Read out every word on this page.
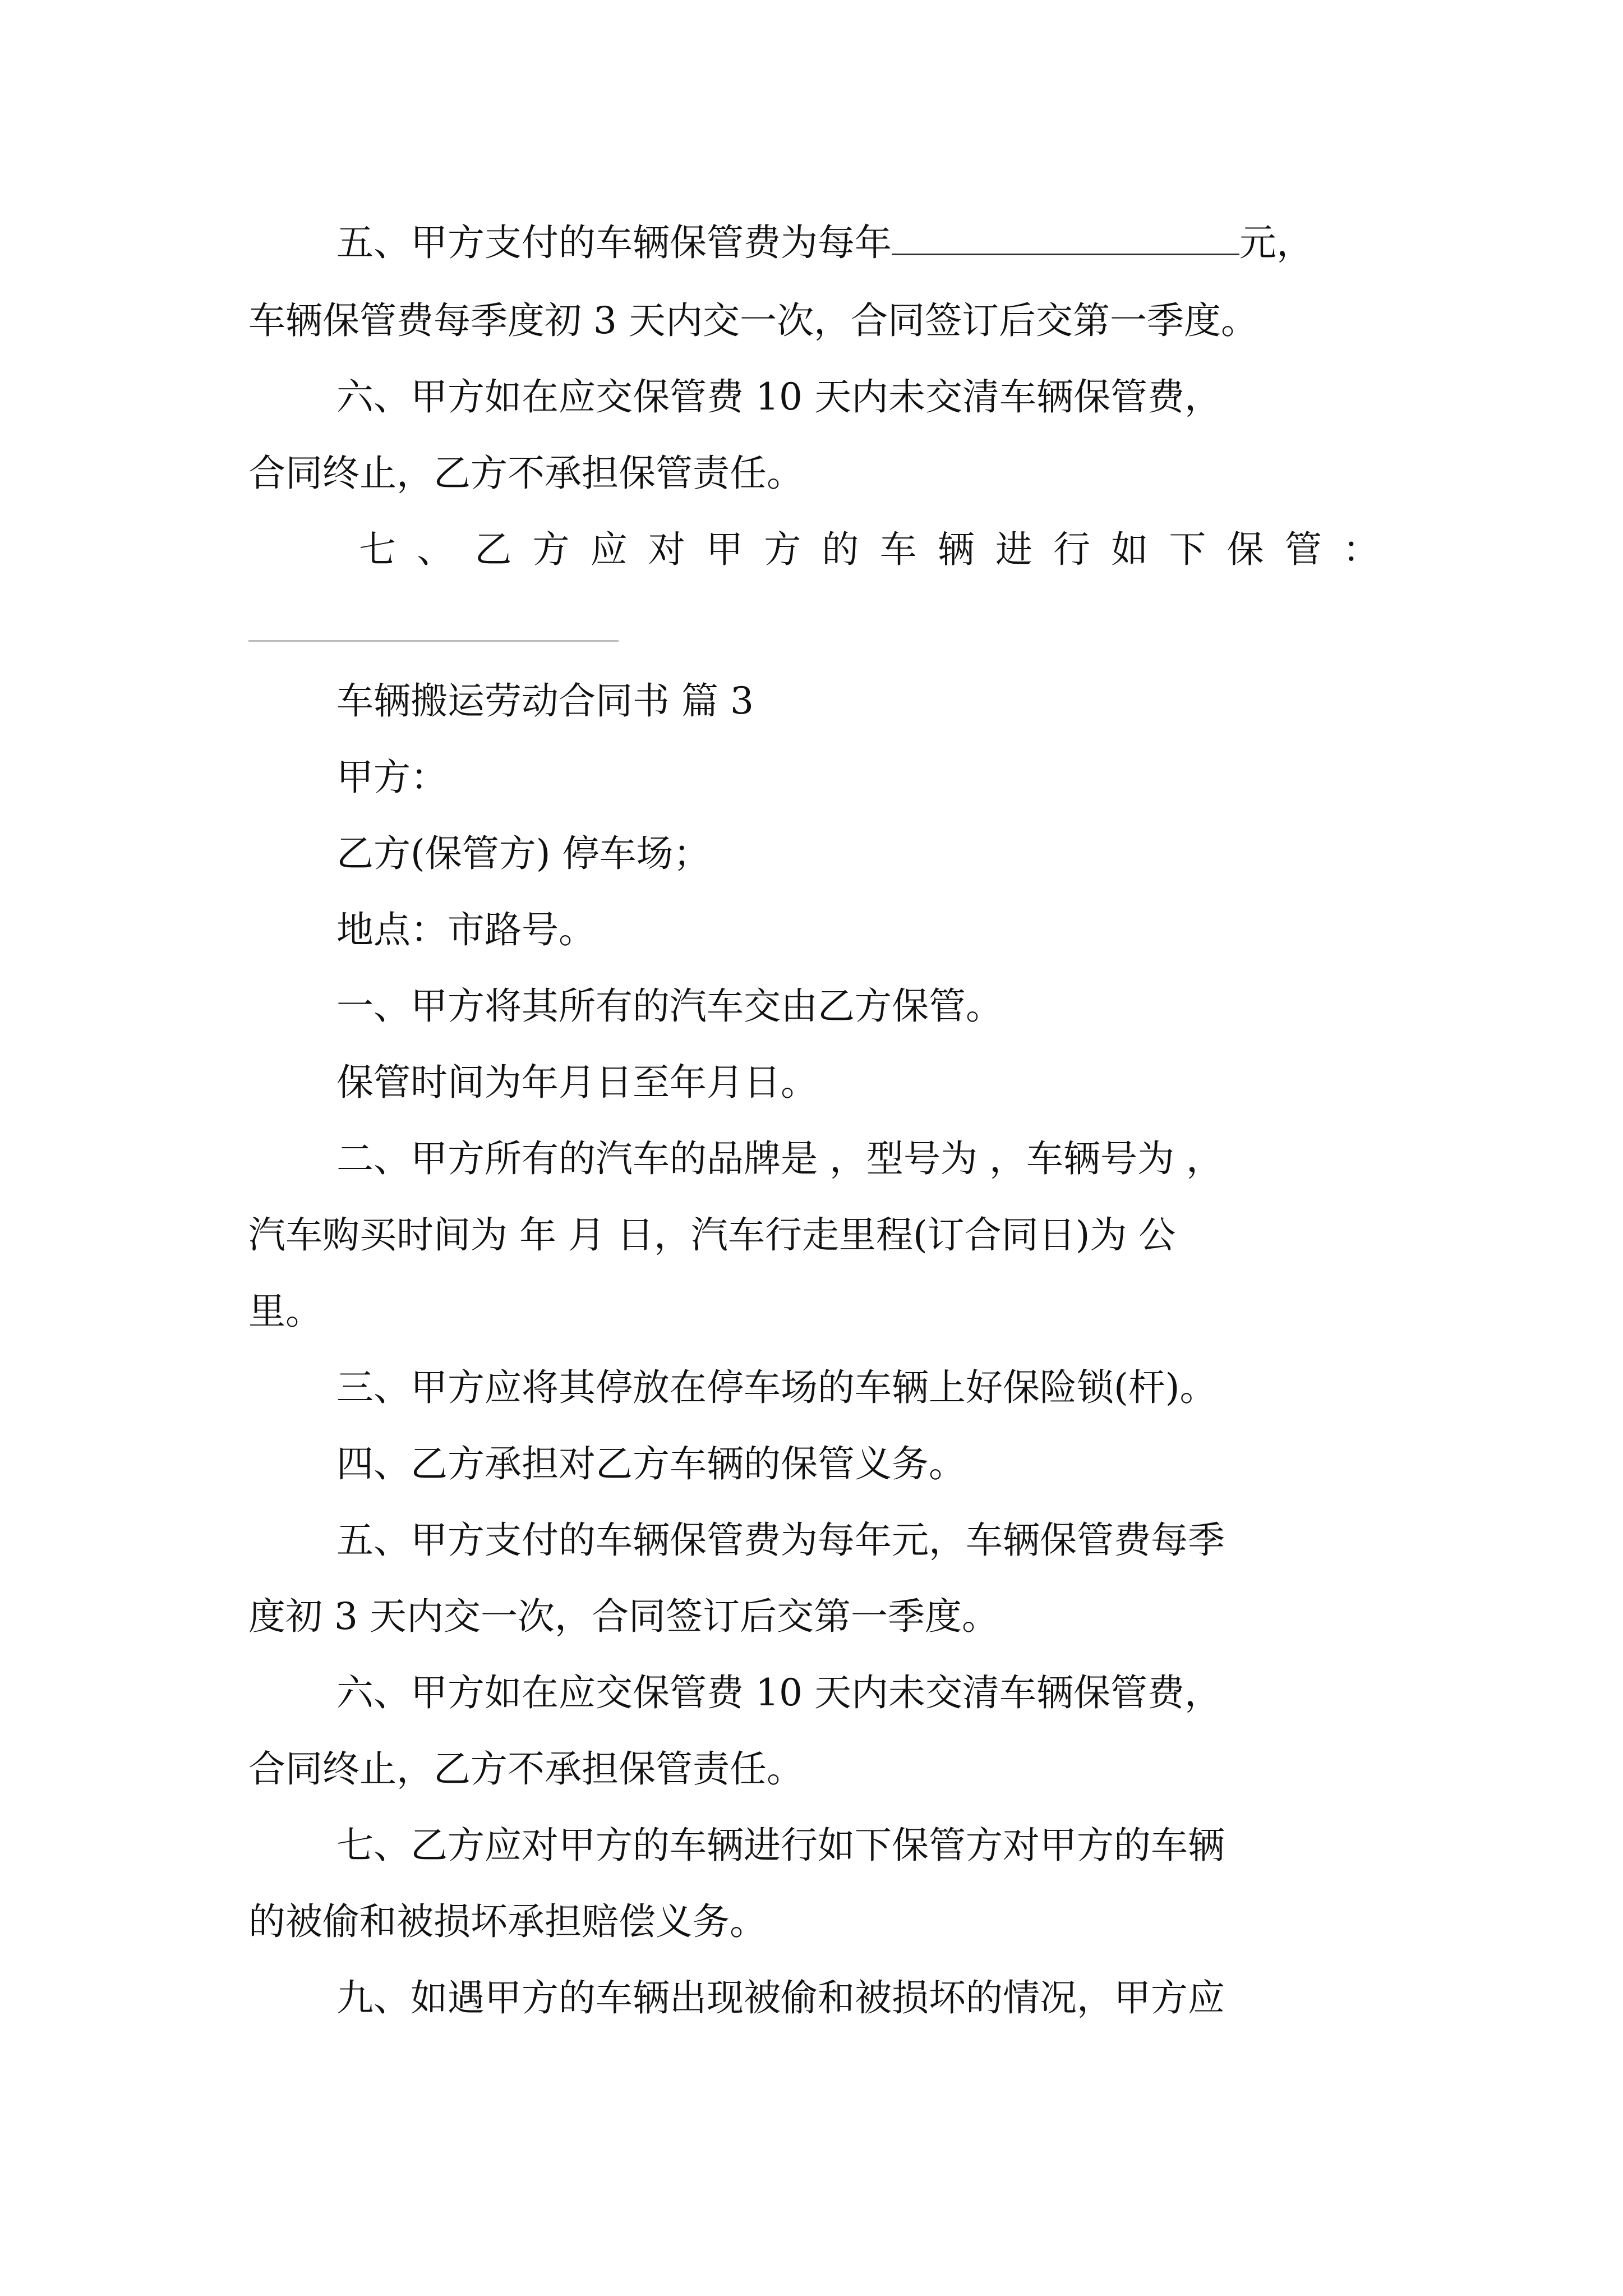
五、甲方支付的车辆保管费为每年	元，
车辆保管费每季度初 3 天内交一次，合同签订后交第一季度。
六、甲方如在应交保管费 10 天内未交清车辆保管费，
合同终止，乙方不承担保管责任。
七、乙方应对甲方的车辆进行如下保管：
车辆搬运劳动合同书 篇 3
甲方：
乙方(保管方) 停车场；
地点：市路号。
一、甲方将其所有的汽车交由乙方保管。
保管时间为年月日至年月日。
二、甲方所有的汽车的品牌是 ，型号为 ，车辆号为 ，
汽车购买时间为 年 月 日，汽车行走里程(订合同日)为 公
里。
三、甲方应将其停放在停车场的车辆上好保险锁(杆)。
四、乙方承担对乙方车辆的保管义务。
五、甲方支付的车辆保管费为每年元，车辆保管费每季
度初 3 天内交一次，合同签订后交第一季度。
六、甲方如在应交保管费 10 天内未交清车辆保管费，
合同终止，乙方不承担保管责任。
七、乙方应对甲方的车辆进行如下保管方对甲方的车辆
的被偷和被损坏承担赔偿义务。
九、如遇甲方的车辆出现被偷和被损坏的情况，甲方应
